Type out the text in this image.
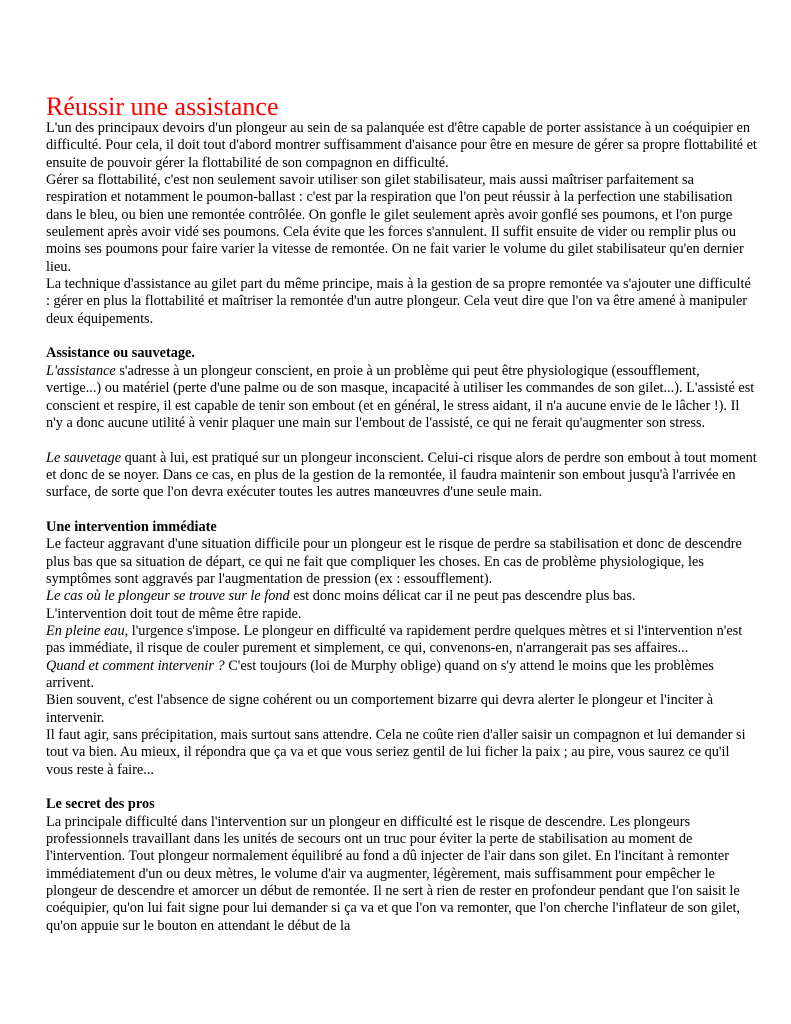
Réussir une assistance

L'un des principaux devoirs d'un plongeur au sein de sa palanquée est d'être capable de porter assistance à un coéquipier en difficulté. Pour cela, il doit tout d'abord montrer suffisamment d'aisance pour être en mesure de gérer sa propre flottabilité et ensuite de pouvoir gérer la flottabilité de son compagnon en difficulté.

Gérer sa flottabilité, c'est non seulement savoir utiliser son gilet stabilisateur, mais aussi maîtriser parfaitement sa respiration et notamment le poumon-ballast : c'est par la respiration que l'on peut réussir à la perfection une stabilisation dans le bleu, ou bien une remontée contrôlée. On gonfle le gilet seulement après avoir gonflé ses poumons, et l'on purge seulement après avoir vidé ses poumons. Cela évite que les forces s'annulent. Il suffit ensuite de vider ou remplir plus ou moins ses poumons pour faire varier la vitesse de remontée. On ne fait varier le volume du gilet stabilisateur qu'en dernier lieu.

La technique d'assistance au gilet part du même principe, mais à la gestion de sa propre remontée va s'ajouter une difficulté : gérer en plus la flottabilité et maîtriser la remontée d'un autre plongeur. Cela veut dire que l'on va être amené à manipuler deux équipements.

Assistance ou sauvetage.

L'assistance s'adresse à un plongeur conscient, en proie à un problème qui peut être physiologique (essoufflement, vertige...) ou matériel (perte d'une palme ou de son masque, incapacité à utiliser les commandes de son gilet...). L'assisté est conscient et respire, il est capable de tenir son embout (et en général, le stress aidant, il n'a aucune envie de le lâcher !). Il n'y a donc aucune utilité à venir plaquer une main sur l'embout de l'assisté, ce qui ne ferait qu'augmenter son stress.

Le sauvetage quant à lui, est pratiqué sur un plongeur inconscient. Celui-ci risque alors de perdre son embout à tout moment et donc de se noyer. Dans ce cas, en plus de la gestion de la remontée, il faudra maintenir son embout jusqu'à l'arrivée en surface, de sorte que l'on devra exécuter toutes les autres manœuvres d'une seule main.

Une intervention immédiate

Le facteur aggravant d'une situation difficile pour un plongeur est le risque de perdre sa stabilisation et donc de descendre plus bas que sa situation de départ, ce qui ne fait que compliquer les choses. En cas de problème physiologique, les symptômes sont aggravés par l'augmentation de pression (ex : essoufflement).

Le cas où le plongeur se trouve sur le fond est donc moins délicat car il ne peut pas descendre plus bas.

L'intervention doit tout de même être rapide.

En pleine eau, l'urgence s'impose. Le plongeur en difficulté va rapidement perdre quelques mètres et si l'intervention n'est pas immédiate, il risque de couler purement et simplement, ce qui, convenons-en, n'arrangerait pas ses affaires...

Quand et comment intervenir ? C'est toujours (loi de Murphy oblige) quand on s'y attend le moins que les problèmes arrivent.

Bien souvent, c'est l'absence de signe cohérent ou un comportement bizarre qui devra alerter le plongeur et l'inciter à intervenir.

Il faut agir, sans précipitation, mais surtout sans attendre. Cela ne coûte rien d'aller saisir un compagnon et lui demander si tout va bien. Au mieux, il répondra que ça va et que vous seriez gentil de lui ficher la paix ; au pire, vous saurez ce qu'il vous reste à faire...

Le secret des pros

La principale difficulté dans l'intervention sur un plongeur en difficulté est le risque de descendre. Les plongeurs professionnels travaillant dans les unités de secours ont un truc pour éviter la perte de stabilisation au moment de l'intervention. Tout plongeur normalement équilibré au fond a dû injecter de l'air dans son gilet. En l'incitant à remonter immédiatement d'un ou deux mètres, le volume d'air va augmenter, légèrement, mais suffisamment pour empêcher le plongeur de descendre et amorcer un début de remontée. Il ne sert à rien de rester en profondeur pendant que l'on saisit le coéquipier, qu'on lui fait signe pour lui demander si ça va et que l'on va remonter, que l'on cherche l'inflateur de son gilet, qu'on appuie sur le bouton en attendant le début de la
